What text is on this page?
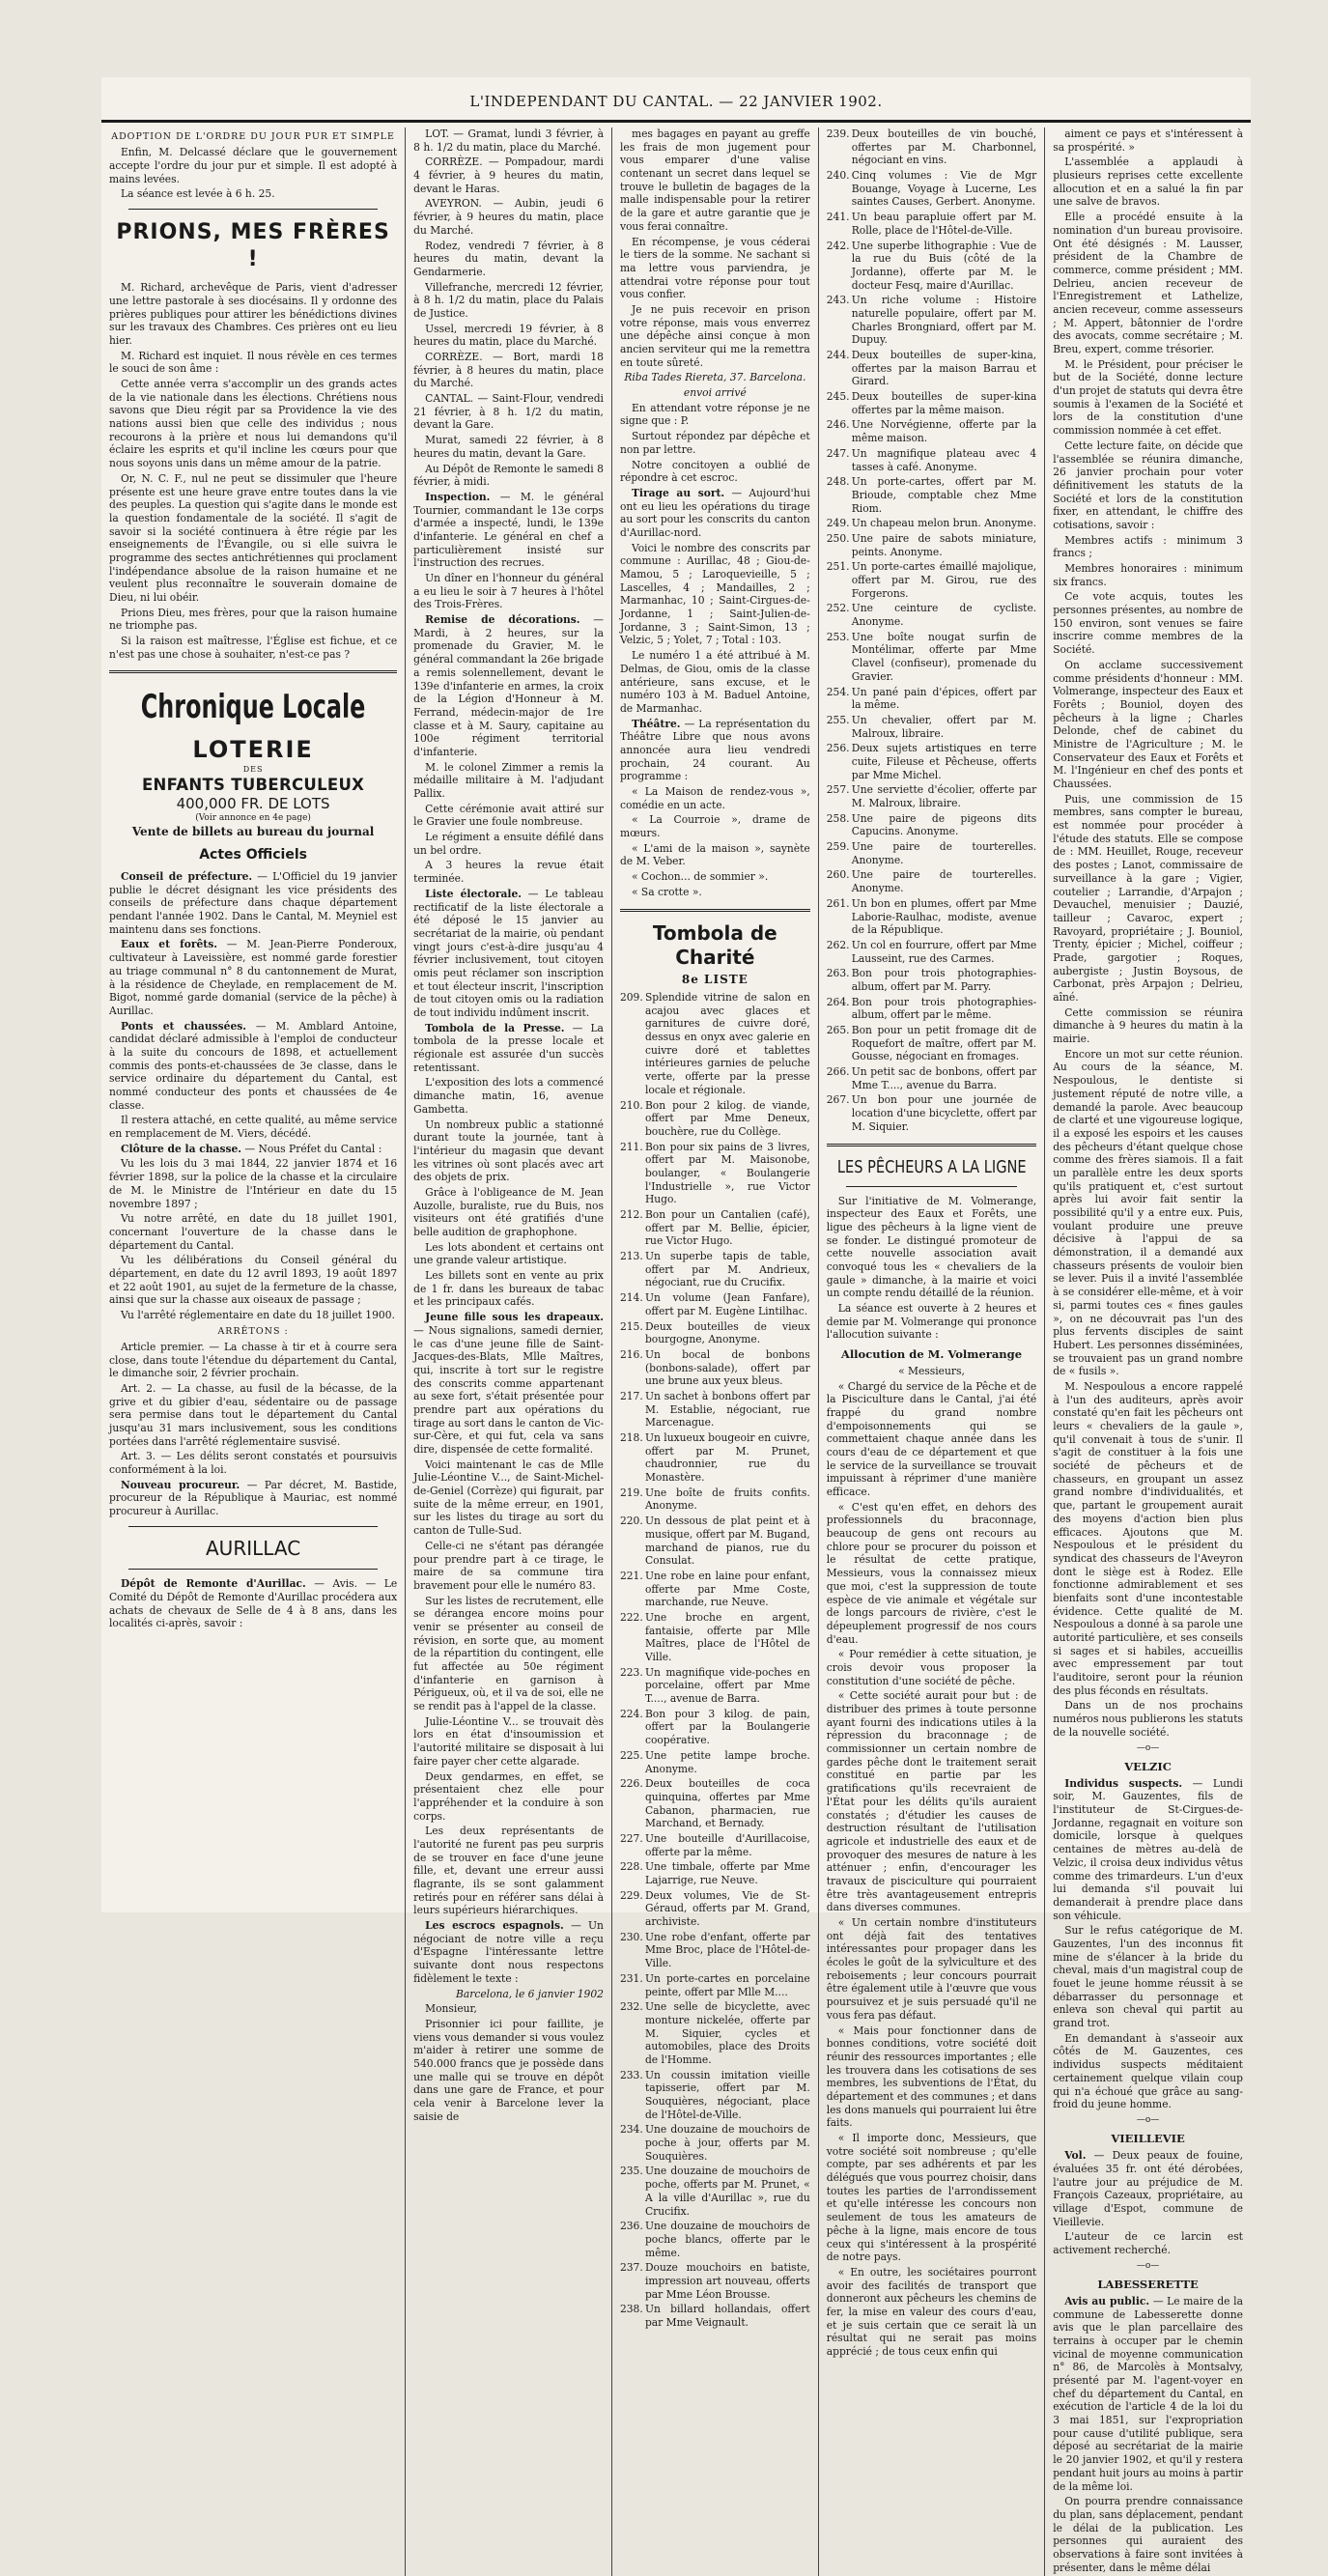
L'INDEPENDANT DU CANTAL. — 22 JANVIER 1902.

ADOPTION DE L'ORDRE DU JOUR PUR ET SIMPLE

Enfin, M. Delcassé déclare que le gouvernement accepte l'ordre du jour pur et simple. Il est adopté à mains levées.

La séance est levée à 6 h. 25.

PRIONS, MES FRÈRES !

M. Richard, archevêque de Paris, vient d'adresser une lettre pastorale à ses diocésains. Il y ordonne des prières publiques pour attirer les bénédictions divines sur les travaux des Chambres. Ces prières ont eu lieu hier.

M. Richard est inquiet. Il nous révèle en ces termes le souci de son âme :

Cette année verra s'accomplir un des grands actes de la vie nationale dans les élections. Chrétiens nous savons que Dieu régit par sa Providence la vie des nations aussi bien que celle des individus ; nous recourons à la prière et nous lui demandons qu'il éclaire les esprits et qu'il incline les cœurs pour que nous soyons unis dans un même amour de la patrie.

Or, N. C. F., nul ne peut se dissimuler que l'heure présente est une heure grave entre toutes dans la vie des peuples. La question qui s'agite dans le monde est la question fondamentale de la société. Il s'agit de savoir si la société continuera à être régie par les enseignements de l'Évangile, ou si elle suivra le programme des sectes antichrétiennes qui proclament l'indépendance absolue de la raison humaine et ne veulent plus reconnaître le souverain domaine de Dieu, ni lui obéir.

Prions Dieu, mes frères, pour que la raison humaine ne triomphe pas.

Si la raison est maîtresse, l'Église est fichue, et ce n'est pas une chose à souhaiter, n'est-ce pas ?

Chronique Locale
LOTERIE
DES
ENFANTS TUBERCULEUX
400,000 FR. DE LOTS
(Voir annonce en 4e page)
Vente de billets au bureau du journal
Actes Officiels

Conseil de préfecture. — L'Officiel du 19 janvier publie le décret désignant les vice présidents des conseils de préfecture dans chaque département pendant l'année 1902. Dans le Cantal, M. Meyniel est maintenu dans ses fonctions.

Eaux et forêts. — M. Jean-Pierre Ponderoux, cultivateur à Laveissière, est nommé garde forestier au triage communal n° 8 du cantonnement de Murat, à la résidence de Cheylade, en remplacement de M. Bigot, nommé garde domanial (service de la pêche) à Aurillac.

Ponts et chaussées. — M. Amblard Antoine, candidat déclaré admissible à l'emploi de conducteur à la suite du concours de 1898, et actuellement commis des ponts-et-chaussées de 3e classe, dans le service ordinaire du département du Cantal, est nommé conducteur des ponts et chaussées de 4e classe.

Il restera attaché, en cette qualité, au même service en remplacement de M. Viers, décédé.

Clôture de la chasse. — Nous Préfet du Cantal :

Vu les lois du 3 mai 1844, 22 janvier 1874 et 16 février 1898, sur la police de la chasse et la circulaire de M. le Ministre de l'Intérieur en date du 15 novembre 1897 ;

Vu notre arrêté, en date du 18 juillet 1901, concernant l'ouverture de la chasse dans le département du Cantal.

Vu les délibérations du Conseil général du département, en date du 12 avril 1893, 19 août 1897 et 22 août 1901, au sujet de la fermeture de la chasse, ainsi que sur la chasse aux oiseaux de passage ;

Vu l'arrêté réglementaire en date du 18 juillet 1900.

ARRÊTONS :

Article premier. — La chasse à tir et à courre sera close, dans toute l'étendue du département du Cantal, le dimanche soir, 2 février prochain.

Art. 2. — La chasse, au fusil de la bécasse, de la grive et du gibier d'eau, sédentaire ou de passage sera permise dans tout le département du Cantal jusqu'au 31 mars inclusivement, sous les conditions portées dans l'arrêté réglementaire susvisé.

Art. 3. — Les délits seront constatés et poursuivis conformément à la loi.

Nouveau procureur. — Par décret, M. Bastide, procureur de la République à Mauriac, est nommé procureur à Aurillac.

AURILLAC

Dépôt de Remonte d'Aurillac. — Avis. — Le Comité du Dépôt de Remonte d'Aurillac procédera aux achats de chevaux de Selle de 4 à 8 ans, dans les localités ci-après, savoir :

LOT. — Gramat, lundi 3 février, à 8 h. 1/2 du matin, place du Marché.

CORRÈZE. — Pompadour, mardi 4 février, à 9 heures du matin, devant le Haras.

AVEYRON. — Aubin, jeudi 6 février, à 9 heures du matin, place du Marché.

Rodez, vendredi 7 février, à 8 heures du matin, devant la Gendarmerie.

Villefranche, mercredi 12 février, à 8 h. 1/2 du matin, place du Palais de Justice.

Ussel, mercredi 19 février, à 8 heures du matin, place du Marché.

CORRÈZE. — Bort, mardi 18 février, à 8 heures du matin, place du Marché.

CANTAL. — Saint-Flour, vendredi 21 février, à 8 h. 1/2 du matin, devant la Gare.

Murat, samedi 22 février, à 8 heures du matin, devant la Gare.

Au Dépôt de Remonte le samedi 8 février, à midi.

Inspection. — M. le général Tournier, commandant le 13e corps d'armée a inspecté, lundi, le 139e d'infanterie. Le général en chef a particulièrement insisté sur l'instruction des recrues.

Un dîner en l'honneur du général a eu lieu le soir à 7 heures à l'hôtel des Trois-Frères.

Remise de décorations. — Mardi, à 2 heures, sur la promenade du Gravier, M. le général commandant la 26e brigade a remis solennellement, devant le 139e d'infanterie en armes, la croix de la Légion d'Honneur à M. Ferrand, médecin-major de 1re classe et à M. Saury, capitaine au 100e régiment territorial d'infanterie.

M. le colonel Zimmer a remis la médaille militaire à M. l'adjudant Pallix.

Cette cérémonie avait attiré sur le Gravier une foule nombreuse.

Le régiment a ensuite défilé dans un bel ordre.

A 3 heures la revue était terminée.

Liste électorale. — Le tableau rectificatif de la liste électorale a été déposé le 15 janvier au secrétariat de la mairie, où pendant vingt jours c'est-à-dire jusqu'au 4 février inclusivement, tout citoyen omis peut réclamer son inscription et tout électeur inscrit, l'inscription de tout citoyen omis ou la radiation de tout individu indûment inscrit.

Tombola de la Presse. — La tombola de la presse locale et régionale est assurée d'un succès retentissant.

L'exposition des lots a commencé dimanche matin, 16, avenue Gambetta.

Un nombreux public a stationné durant toute la journée, tant à l'intérieur du magasin que devant les vitrines où sont placés avec art des objets de prix.

Grâce à l'obligeance de M. Jean Auzolle, buraliste, rue du Buis, nos visiteurs ont été gratifiés d'une belle audition de graphophone.

Les lots abondent et certains ont une grande valeur artistique.

Les billets sont en vente au prix de 1 fr. dans les bureaux de tabac et les principaux cafés.

Jeune fille sous les drapeaux. — Nous signalions, samedi dernier, le cas d'une jeune fille de Saint-Jacques-des-Blats, Mlle Maîtres, qui, inscrite à tort sur le registre des conscrits comme appartenant au sexe fort, s'était présentée pour prendre part aux opérations du tirage au sort dans le canton de Vic-sur-Cère, et qui fut, cela va sans dire, dispensée de cette formalité.

Voici maintenant le cas de Mlle Julie-Léontine V..., de Saint-Michel-de-Geniel (Corrèze) qui figurait, par suite de la même erreur, en 1901, sur les listes du tirage au sort du canton de Tulle-Sud.

Celle-ci ne s'étant pas dérangée pour prendre part à ce tirage, le maire de sa commune tira bravement pour elle le numéro 83.

Sur les listes de recrutement, elle se dérangea encore moins pour venir se présenter au conseil de révision, en sorte que, au moment de la répartition du contingent, elle fut affectée au 50e régiment d'infanterie en garnison à Périgueux, où, et il va de soi, elle ne se rendit pas à l'appel de la classe.

Julie-Léontine V... se trouvait dès lors en état d'insoumission et l'autorité militaire se disposait à lui faire payer cher cette algarade.

Deux gendarmes, en effet, se présentaient chez elle pour l'appréhender et la conduire à son corps.

Les deux représentants de l'autorité ne furent pas peu surpris de se trouver en face d'une jeune fille, et, devant une erreur aussi flagrante, ils se sont galamment retirés pour en référer sans délai à leurs supérieurs hiérarchiques.

Les escrocs espagnols. — Un négociant de notre ville a reçu d'Espagne l'intéressante lettre suivante dont nous respectons fidèlement le texte :

Barcelona, le 6 janvier 1902

Monsieur,

Prisonnier ici pour faillite, je viens vous demander si vous voulez m'aider à retirer une somme de 540.000 francs que je possède dans une malle qui se trouve en dépôt dans une gare de France, et pour cela venir à Barcelone lever la saisie de

mes bagages en payant au greffe les frais de mon jugement pour vous emparer d'une valise contenant un secret dans lequel se trouve le bulletin de bagages de la malle indispensable pour la retirer de la gare et autre garantie que je vous ferai connaître.

En récompense, je vous céderai le tiers de la somme. Ne sachant si ma lettre vous parviendra, je attendrai votre réponse pour tout vous confier.

Je ne puis recevoir en prison votre réponse, mais vous enverrez une dépêche ainsi conçue à mon ancien serviteur qui me la remettra en toute sûreté.

Riba Tades Riereta, 37. Barcelona.

envoi arrivé

En attendant votre réponse je ne signe que : P.

Surtout répondez par dépêche et non par lettre.

Notre concitoyen a oublié de répondre à cet escroc.

Tirage au sort. — Aujourd'hui ont eu lieu les opérations du tirage au sort pour les conscrits du canton d'Aurillac-nord.

Voici le nombre des conscrits par commune : Aurillac, 48 ; Giou-de-Mamou, 5 ; Laroquevieille, 5 ; Lascelles, 4 ; Mandailles, 2 ; Marmanhac, 10 ; Saint-Cirgues-de-Jordanne, 1 ; Saint-Julien-de-Jordanne, 3 ; Saint-Simon, 13 ; Velzic, 5 ; Yolet, 7 ; Total : 103.

Le numéro 1 a été attribué à M. Delmas, de Giou, omis de la classe antérieure, sans excuse, et le numéro 103 à M. Baduel Antoine, de Marmanhac.

Théâtre. — La représentation du Théâtre Libre que nous avons annoncée aura lieu vendredi prochain, 24 courant. Au programme :

« La Maison de rendez-vous », comédie en un acte.

« La Courroie », drame de mœurs.

« L'ami de la maison », saynète de M. Veber.

« Cochon... de sommier ».

« Sa crotte ».

Tombola de Charité
8e LISTE

209. Splendide vitrine de salon en acajou avec glaces et garnitures de cuivre doré, dessus en onyx avec galerie en cuivre doré et tablettes intérieures garnies de peluche verte, offerte par la presse locale et régionale.

210. Bon pour 2 kilog. de viande, offert par Mme Deneux, bouchère, rue du Collège.

211. Bon pour six pains de 3 livres, offert par M. Maisonobe, boulanger, « Boulangerie l'Industrielle », rue Victor Hugo.

212. Bon pour un Cantalien (café), offert par M. Bellie, épicier, rue Victor Hugo.

213. Un superbe tapis de table, offert par M. Andrieux, négociant, rue du Crucifix.

214. Un volume (Jean Fanfare), offert par M. Eugène Lintilhac.

215. Deux bouteilles de vieux bourgogne, Anonyme.

216. Un bocal de bonbons (bonbons-salade), offert par une brune aux yeux bleus.

217. Un sachet à bonbons offert par M. Establie, négociant, rue Marcenague.

218. Un luxueux bougeoir en cuivre, offert par M. Prunet, chaudronnier, rue du Monastère.

219. Une boîte de fruits confits. Anonyme.

220. Un dessous de plat peint et à musique, offert par M. Bugand, marchand de pianos, rue du Consulat.

221. Une robe en laine pour enfant, offerte par Mme Coste, marchande, rue Neuve.

222. Une broche en argent, fantaisie, offerte par Mlle Maîtres, place de l'Hôtel de Ville.

223. Un magnifique vide-poches en porcelaine, offert par Mme T...., avenue de Barra.

224. Bon pour 3 kilog. de pain, offert par la Boulangerie coopérative.

225. Une petite lampe broche. Anonyme.

226. Deux bouteilles de coca quinquina, offertes par Mme Cabanon, pharmacien, rue Marchand, et Bernady.

227. Une bouteille d'Aurillacoise, offerte par la même.

228. Une timbale, offerte par Mme Lajarrige, rue Neuve.

229. Deux volumes, Vie de St-Géraud, offerts par M. Grand, archiviste.

230. Une robe d'enfant, offerte par Mme Broc, place de l'Hôtel-de-Ville.

231. Un porte-cartes en porcelaine peinte, offert par Mlle M....

232. Une selle de bicyclette, avec monture nickelée, offerte par M. Siquier, cycles et automobiles, place des Droits de l'Homme.

233. Un coussin imitation vieille tapisserie, offert par M. Souquières, négociant, place de l'Hôtel-de-Ville.

234. Une douzaine de mouchoirs de poche à jour, offerts par M. Souquières.

235. Une douzaine de mouchoirs de poche, offerts par M. Prunet, « A la ville d'Aurillac », rue du Crucifix.

236. Une douzaine de mouchoirs de poche blancs, offerte par le même.

237. Douze mouchoirs en batiste, impression art nouveau, offerts par Mme Léon Brousse.

238. Un billard hollandais, offert par Mme Veignault.

239. Deux bouteilles de vin bouché, offertes par M. Charbonnel, négociant en vins.

240. Cinq volumes : Vie de Mgr Bouange, Voyage à Lucerne, Les saintes Causes, Gerbert. Anonyme.

241. Un beau parapluie offert par M. Rolle, place de l'Hôtel-de-Ville.

242. Une superbe lithographie : Vue de la rue du Buis (côté de la Jordanne), offerte par M. le docteur Fesq, maire d'Aurillac.

243. Un riche volume : Histoire naturelle populaire, offert par M. Charles Brongniard, offert par M. Dupuy.

244. Deux bouteilles de super-kina, offertes par la maison Barrau et Girard.

245. Deux bouteilles de super-kina offertes par la même maison.

246. Une Norvégienne, offerte par la même maison.

247. Un magnifique plateau avec 4 tasses à café. Anonyme.

248. Un porte-cartes, offert par M. Brioude, comptable chez Mme Riom.

249. Un chapeau melon brun. Anonyme.

250. Une paire de sabots miniature, peints. Anonyme.

251. Un porte-cartes émaillé majolique, offert par M. Girou, rue des Forgerons.

252. Une ceinture de cycliste. Anonyme.

253. Une boîte nougat surfin de Montélimar, offerte par Mme Clavel (confiseur), promenade du Gravier.

254. Un pané pain d'épices, offert par la même.

255. Un chevalier, offert par M. Malroux, libraire.

256. Deux sujets artistiques en terre cuite, Fileuse et Pêcheuse, offerts par Mme Michel.

257. Une serviette d'écolier, offerte par M. Malroux, libraire.

258. Une paire de pigeons dits Capucins. Anonyme.

259. Une paire de tourterelles. Anonyme.

260. Une paire de tourterelles. Anonyme.

261. Un bon en plumes, offert par Mme Laborie-Raulhac, modiste, avenue de la République.

262. Un col en fourrure, offert par Mme Lausseint, rue des Carmes.

263. Bon pour trois photographies-album, offert par M. Parry.

264. Bon pour trois photographies-album, offert par le même.

265. Bon pour un petit fromage dit de Roquefort de maître, offert par M. Gousse, négociant en fromages.

266. Un petit sac de bonbons, offert par Mme T...., avenue du Barra.

267. Un bon pour une journée de location d'une bicyclette, offert par M. Siquier.

LES PÊCHEURS A LA LIGNE

Sur l'initiative de M. Volmerange, inspecteur des Eaux et Forêts, une ligue des pêcheurs à la ligne vient de se fonder. Le distingué promoteur de cette nouvelle association avait convoqué tous les « chevaliers de la gaule » dimanche, à la mairie et voici un compte rendu détaillé de la réunion.

La séance est ouverte à 2 heures et demie par M. Volmerange qui prononce l'allocution suivante :

Allocution de M. Volmerange

« Messieurs,

« Chargé du service de la Pêche et de la Pisciculture dans le Cantal, j'ai été frappé du grand nombre d'empoisonnements qui se commettaient chaque année dans les cours d'eau de ce département et que le service de la surveillance se trouvait impuissant à réprimer d'une manière efficace.

« C'est qu'en effet, en dehors des professionnels du braconnage, beaucoup de gens ont recours au chlore pour se procurer du poisson et le résultat de cette pratique, Messieurs, vous la connaissez mieux que moi, c'est la suppression de toute espèce de vie animale et végétale sur de longs parcours de rivière, c'est le dépeuplement progressif de nos cours d'eau.

« Pour remédier à cette situation, je crois devoir vous proposer la constitution d'une société de pêche.

« Cette société aurait pour but : de distribuer des primes à toute personne ayant fourni des indications utiles à la répression du braconnage ; de commissionner un certain nombre de gardes pêche dont le traitement serait constitué en partie par les gratifications qu'ils recevraient de l'État pour les délits qu'ils auraient constatés ; d'étudier les causes de destruction résultant de l'utilisation agricole et industrielle des eaux et de provoquer des mesures de nature à les atténuer ; enfin, d'encourager les travaux de pisciculture qui pourraient être très avantageusement entrepris dans diverses communes.

« Un certain nombre d'instituteurs ont déjà fait des tentatives intéressantes pour propager dans les écoles le goût de la sylviculture et des reboisements ; leur concours pourrait être également utile à l'œuvre que vous poursuivez et je suis persuadé qu'il ne vous fera pas défaut.

« Mais pour fonctionner dans de bonnes conditions, votre société doit réunir des ressources importantes ; elle les trouvera dans les cotisations de ses membres, les subventions de l'État, du département et des communes ; et dans les dons manuels qui pourraient lui être faits.

« Il importe donc, Messieurs, que votre société soit nombreuse ; qu'elle compte, par ses adhérents et par les délégués que vous pourrez choisir, dans toutes les parties de l'arrondissement et qu'elle intéresse les concours non seulement de tous les amateurs de pêche à la ligne, mais encore de tous ceux qui s'intéressent à la prospérité de notre pays.

« En outre, les sociétaires pourront avoir des facilités de transport que donneront aux pêcheurs les chemins de fer, la mise en valeur des cours d'eau, et je suis certain que ce serait là un résultat qui ne serait pas moins apprécié ; de tous ceux enfin qui

aiment ce pays et s'intéressent à sa prospérité. »

L'assemblée a applaudi à plusieurs reprises cette excellente allocution et en a salué la fin par une salve de bravos.

Elle a procédé ensuite à la nomination d'un bureau provisoire. Ont été désignés : M. Lausser, président de la Chambre de commerce, comme président ; MM. Delrieu, ancien receveur de l'Enregistrement et Lathelize, ancien receveur, comme assesseurs ; M. Appert, bâtonnier de l'ordre des avocats, comme secrétaire ; M. Breu, expert, comme trésorier.

M. le Président, pour préciser le but de la Société, donne lecture d'un projet de statuts qui devra être soumis à l'examen de la Société et lors de la constitution d'une commission nommée à cet effet.

Cette lecture faite, on décide que l'assemblée se réunira dimanche, 26 janvier prochain pour voter définitivement les statuts de la Société et lors de la constitution fixer, en attendant, le chiffre des cotisations, savoir :

Membres actifs : minimum 3 francs ;

Membres honoraires : minimum six francs.

Ce vote acquis, toutes les personnes présentes, au nombre de 150 environ, sont venues se faire inscrire comme membres de la Société.

On acclame successivement comme présidents d'honneur : MM. Volmerange, inspecteur des Eaux et Forêts ; Bouniol, doyen des pêcheurs à la ligne ; Charles Delonde, chef de cabinet du Ministre de l'Agriculture ; M. le Conservateur des Eaux et Forêts et M. l'Ingénieur en chef des ponts et Chaussées.

Puis, une commission de 15 membres, sans compter le bureau, est nommée pour procéder à l'étude des statuts. Elle se compose de : MM. Heuillet, Rouge, receveur des postes ; Lanot, commissaire de surveillance à la gare ; Vigier, coutelier ; Larrandie, d'Arpajon ; Devauchel, menuisier ; Dauzié, tailleur ; Cavaroc, expert ; Ravoyard, propriétaire ; J. Bouniol, Trenty, épicier ; Michel, coiffeur ; Prade, gargotier ; Roques, aubergiste ; Justin Boysous, de Carbonat, près Arpajon ; Delrieu, aîné.

Cette commission se réunira dimanche à 9 heures du matin à la mairie.

Encore un mot sur cette réunion. Au cours de la séance, M. Nespoulous, le dentiste si justement réputé de notre ville, a demandé la parole. Avec beaucoup de clarté et une vigoureuse logique, il a exposé les espoirs et les causes des pêcheurs d'étant quelque chose comme des frères siamois. Il a fait un parallèle entre les deux sports qu'ils pratiquent et, c'est surtout après lui avoir fait sentir la possibilité qu'il y a entre eux. Puis, voulant produire une preuve décisive à l'appui de sa démonstration, il a demandé aux chasseurs présents de vouloir bien se lever. Puis il a invité l'assemblée à se considérer elle-même, et à voir si, parmi toutes ces « fines gaules », on ne découvrait pas l'un des plus fervents disciples de saint Hubert. Les personnes disséminées, se trouvaient pas un grand nombre de « fusils ».

M. Nespoulous a encore rappelé à l'un des auditeurs, après avoir constaté qu'en fait les pêcheurs ont leurs « chevaliers de la gaule », qu'il convenait à tous de s'unir. Il s'agit de constituer à la fois une société de pêcheurs et de chasseurs, en groupant un assez grand nombre d'individualités, et que, partant le groupement aurait des moyens d'action bien plus efficaces. Ajoutons que M. Nespoulous et le président du syndicat des chasseurs de l'Aveyron dont le siège est à Rodez. Elle fonctionne admirablement et ses bienfaits sont d'une incontestable évidence. Cette qualité de M. Nespoulous a donné à sa parole une autorité particulière, et ses conseils si sages et si habiles, accueillis avec empressement par tout l'auditoire, seront pour la réunion des plus féconds en résultats.

Dans un de nos prochains numéros nous publierons les statuts de la nouvelle société.

—o—

VELZIC

Individus suspects. — Lundi soir, M. Gauzentes, fils de l'instituteur de St-Cirgues-de-Jordanne, regagnait en voiture son domicile, lorsque à quelques centaines de mètres au-delà de Velzic, il croisa deux individus vêtus comme des trimardeurs. L'un d'eux lui demanda s'il pouvait lui demanderait à prendre place dans son véhicule.

Sur le refus catégorique de M. Gauzentes, l'un des inconnus fit mine de s'élancer à la bride du cheval, mais d'un magistral coup de fouet le jeune homme réussit à se débarrasser du personnage et enleva son cheval qui partit au grand trot.

En demandant à s'asseoir aux côtés de M. Gauzentes, ces individus suspects méditaient certainement quelque vilain coup qui n'a échoué que grâce au sang-froid du jeune homme.

—o—

VIEILLEVIE

Vol. — Deux peaux de fouine, évaluées 35 fr. ont été dérobées, l'autre jour au préjudice de M. François Cazeaux, propriétaire, au village d'Espot, commune de Vieillevie.

L'auteur de ce larcin est activement recherché.

—o—

LABESSERETTE

Avis au public. — Le maire de la commune de Labesserette donne avis que le plan parcellaire des terrains à occuper par le chemin vicinal de moyenne communication n° 86, de Marcolès à Montsalvy, présenté par M. l'agent-voyer en chef du département du Cantal, en exécution de l'article 4 de la loi du 3 mai 1851, sur l'expropriation pour cause d'utilité publique, sera déposé au secrétariat de la mairie le 20 janvier 1902, et qu'il y restera pendant huit jours au moins à partir de la même loi.

On pourra prendre connaissance du plan, sans déplacement, pendant le délai de la publication. Les personnes qui auraient des observations à faire sont invitées à présenter, dans le même délai
